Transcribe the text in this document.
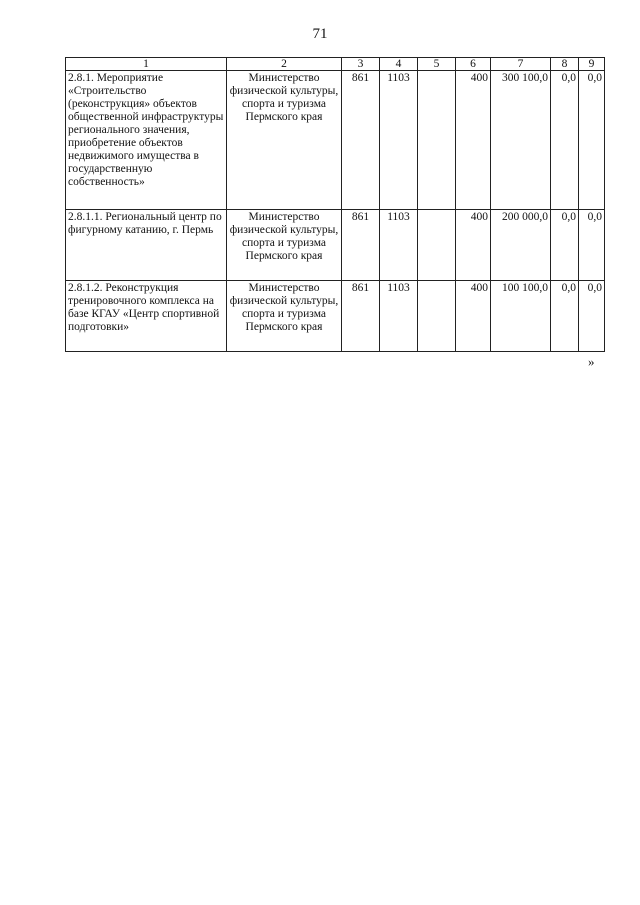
71
1	2	3	4	5	6	7	8	9
2.8.1. Мероприятие «Строительство (реконструкция» объектов общественной инфраструктуры регионального значения, приобретение объектов недвижимого имущества в государственную собственность»	Министерство физической культуры, спорта и туризма Пермского края	861	1103		400	300 100,0	0,0	0,0
2.8.1.1. Региональный центр по фигурному катанию, г. Пермь	Министерство физической культуры, спорта и туризма Пермского края	861	1103		400	200 000,0	0,0	0,0
2.8.1.2. Реконструкция тренировочного комплекса на базе КГАУ «Центр спортивной подготовки»	Министерство физической культуры, спорта и туризма Пермского края	861	1103		400	100 100,0	0,0	0,0
»
